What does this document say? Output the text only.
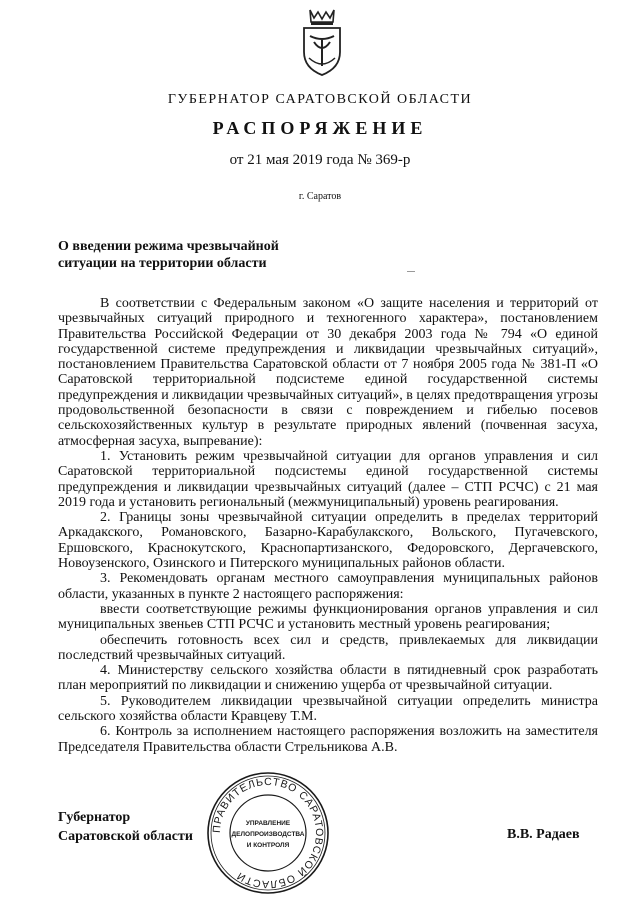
ГУБЕРНАТОР САРАТОВСКОЙ ОБЛАСТИ
РАСПОРЯЖЕНИЕ
от 21 мая 2019 года № 369-р
г. Саратов
О введении режима чрезвычайной
ситуации на территории области

В соответствии с Федеральным законом «О защите населения и территорий от чрезвычайных ситуаций природного и техногенного характера», постановлением Правительства Российской Федерации от 30 декабря 2003 года № 794 «О единой государственной системе предупреждения и ликвидации чрезвычайных ситуаций», постановлением Правительства Саратовской области от 7 ноября 2005 года № 381-П «О Саратовской территориальной подсистеме единой государственной системы предупреждения и ликвидации чрезвычайных ситуаций», в целях предотвращения угрозы продовольственной безопасности в связи с повреждением и гибелью посевов сельскохозяйственных культур в результате природных явлений (почвенная засуха, атмосферная засуха, выпревание):

1. Установить режим чрезвычайной ситуации для органов управления и сил Саратовской территориальной подсистемы единой государственной системы предупреждения и ликвидации чрезвычайных ситуаций (далее – СТП РСЧС) с 21 мая 2019 года и установить региональный (межмуниципальный) уровень реагирования.

2. Границы зоны чрезвычайной ситуации определить в пределах территорий Аркадакского, Романовского, Базарно-Карабулакского, Вольского, Пугачевского, Ершовского, Краснокутского, Краснопартизанского, Федоровского, Дергачевского, Новоузенского, Озинского и Питерского муниципальных районов области.

3. Рекомендовать органам местного самоуправления муниципальных районов области, указанных в пункте 2 настоящего распоряжения:

ввести соответствующие режимы функционирования органов управления и сил муниципальных звеньев СТП РСЧС и установить местный уровень реагирования;

обеспечить готовность всех сил и средств, привлекаемых для ликвидации последствий чрезвычайных ситуаций.

4. Министерству сельского хозяйства области в пятидневный срок разработать план мероприятий по ликвидации и снижению ущерба от чрезвычайной ситуации.

5. Руководителем ликвидации чрезвычайной ситуации определить министра сельского хозяйства области Кравцеву Т.М.

6. Контроль за исполнением настоящего распоряжения возложить на заместителя Председателя Правительства области Стрельникова А.В.

Губернатор
Саратовской области
ПРАВИТЕЛЬСТВО САРАТОВСКОЙ ОБЛАСТИ
УПРАВЛЕНИЕ
ДЕЛОПРОИЗВОДСТВА
И КОНТРОЛЯ
В.В. Радаев
